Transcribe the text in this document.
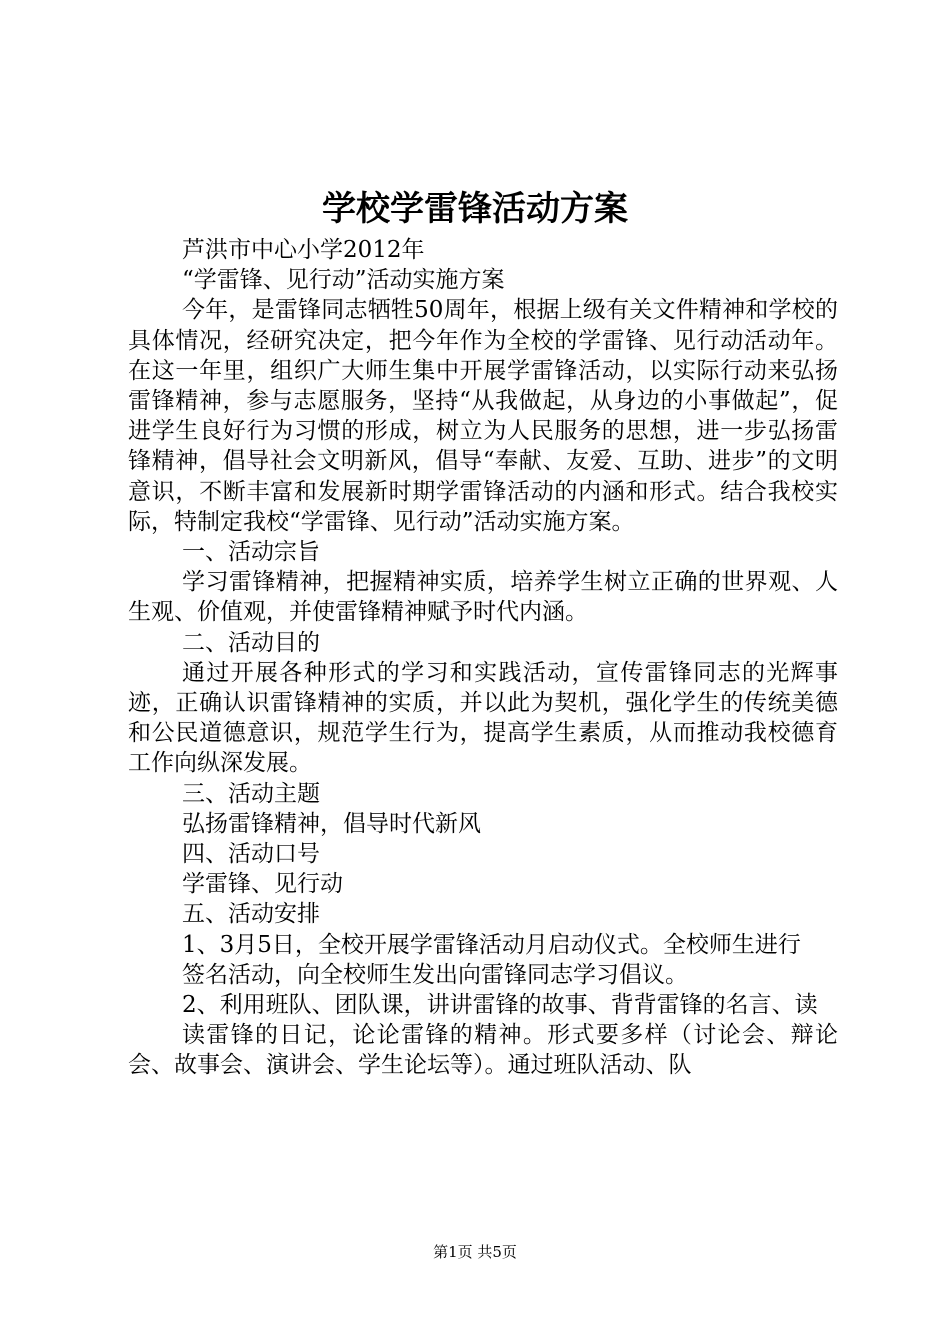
学校学雷锋活动方案

芦洪市中心小学2012年

“学雷锋、见行动”活动实施方案

今年，是雷锋同志牺牲50周年，根据上级有关文件精神和学校的具体情况，经研究决定，把今年作为全校的学雷锋、见行动活动年。在这一年里，组织广大师生集中开展学雷锋活动，以实际行动来弘扬雷锋精神，参与志愿服务，坚持“从我做起，从身边的小事做起”，促进学生良好行为习惯的形成，树立为人民服务的思想，进一步弘扬雷锋精神，倡导社会文明新风，倡导“奉献、友爱、互助、进步”的文明意识，不断丰富和发展新时期学雷锋活动的内涵和形式。结合我校实际，特制定我校“学雷锋、见行动”活动实施方案。

一、活动宗旨

学习雷锋精神，把握精神实质，培养学生树立正确的世界观、人生观、价值观，并使雷锋精神赋予时代内涵。

二、活动目的

通过开展各种形式的学习和实践活动，宣传雷锋同志的光辉事迹，正确认识雷锋精神的实质，并以此为契机，强化学生的传统美德和公民道德意识，规范学生行为，提高学生素质，从而推动我校德育工作向纵深发展。

三、活动主题

弘扬雷锋精神，倡导时代新风

四、活动口号

学雷锋、见行动

五、活动安排

1、3月5日，全校开展学雷锋活动月启动仪式。全校师生进行

签名活动，向全校师生发出向雷锋同志学习倡议。

2、利用班队、团队课，讲讲雷锋的故事、背背雷锋的名言、读

读雷锋的日记，论论雷锋的精神。形式要多样（讨论会、辩论会、故事会、演讲会、学生论坛等）。通过班队活动、队

第1页 共5页
